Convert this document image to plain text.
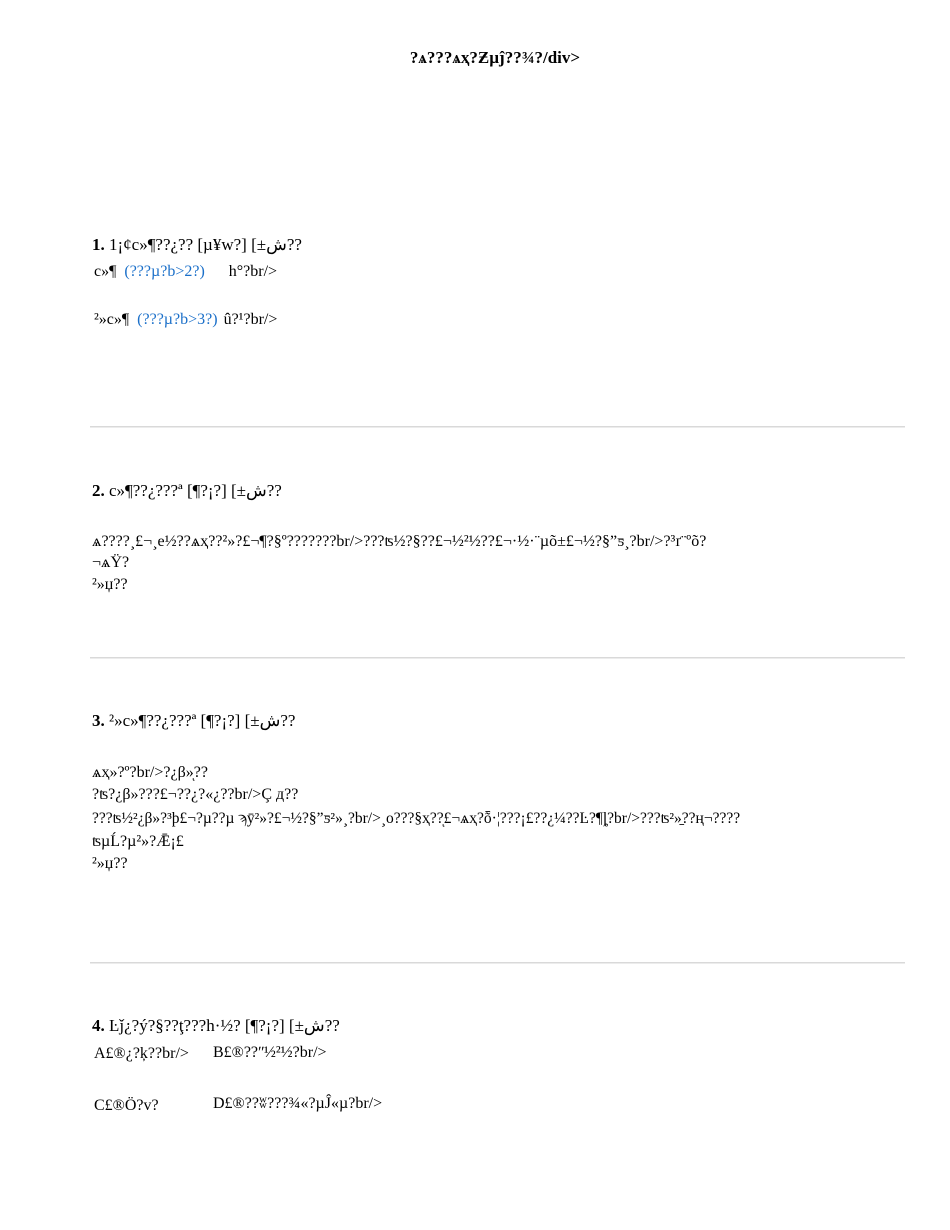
?ѧ???ѧҳ?Ƶµĵ??¾?/div>
1. 1¡¢c»¶??¿?? [µ¥w?] [±ش??
c»¶ (???µ?b>2?) h°?br/>
²»c»¶ (???µ?b>3?) û?¹?br/>
2. c»¶??¿???ª [¶?¡?] [±ش??
ѧ????¸£¬¸e½??ѧҳ??²»?£¬¶?§º???????br/>???ʦ½?§??£¬½²½??£¬·½·¨µõ±£¬½?§”ƽ¸?br/>?³ґ¨ºõ?
¬ѧŸ?
²»џ??
3. ²»c»¶??¿???ª [¶?¡?] [±ش??
ѧҳ»?º?br/>?¿β»ͅ??
?ʦ?¿β»???£¬??¿?«¿??br/>Ç д??
???ʦ½²¿β»?³þ£¬?µ??µ ϡȳ²»?£¬½?§”ƽ²»¸?br/>¸о???§ҳ??ͅ£¬ѧҳ?ȭ·¦???¡£??¿¼??Ŀ?¶ȴ?br/>???ʦ²»̱??ң¬????
ʦµĹ?µ²»?Ǣ¡£
²»џ??
4. Ŀǰ¿?ý?§??ţ???h·½? [¶?¡?] [±ش??
A£®¿?ķ??br/> B£®??ʺ½²½?br/>
C£®Ö?v?	D£®??ʬ???¾«?µĴ«µ?br/>
